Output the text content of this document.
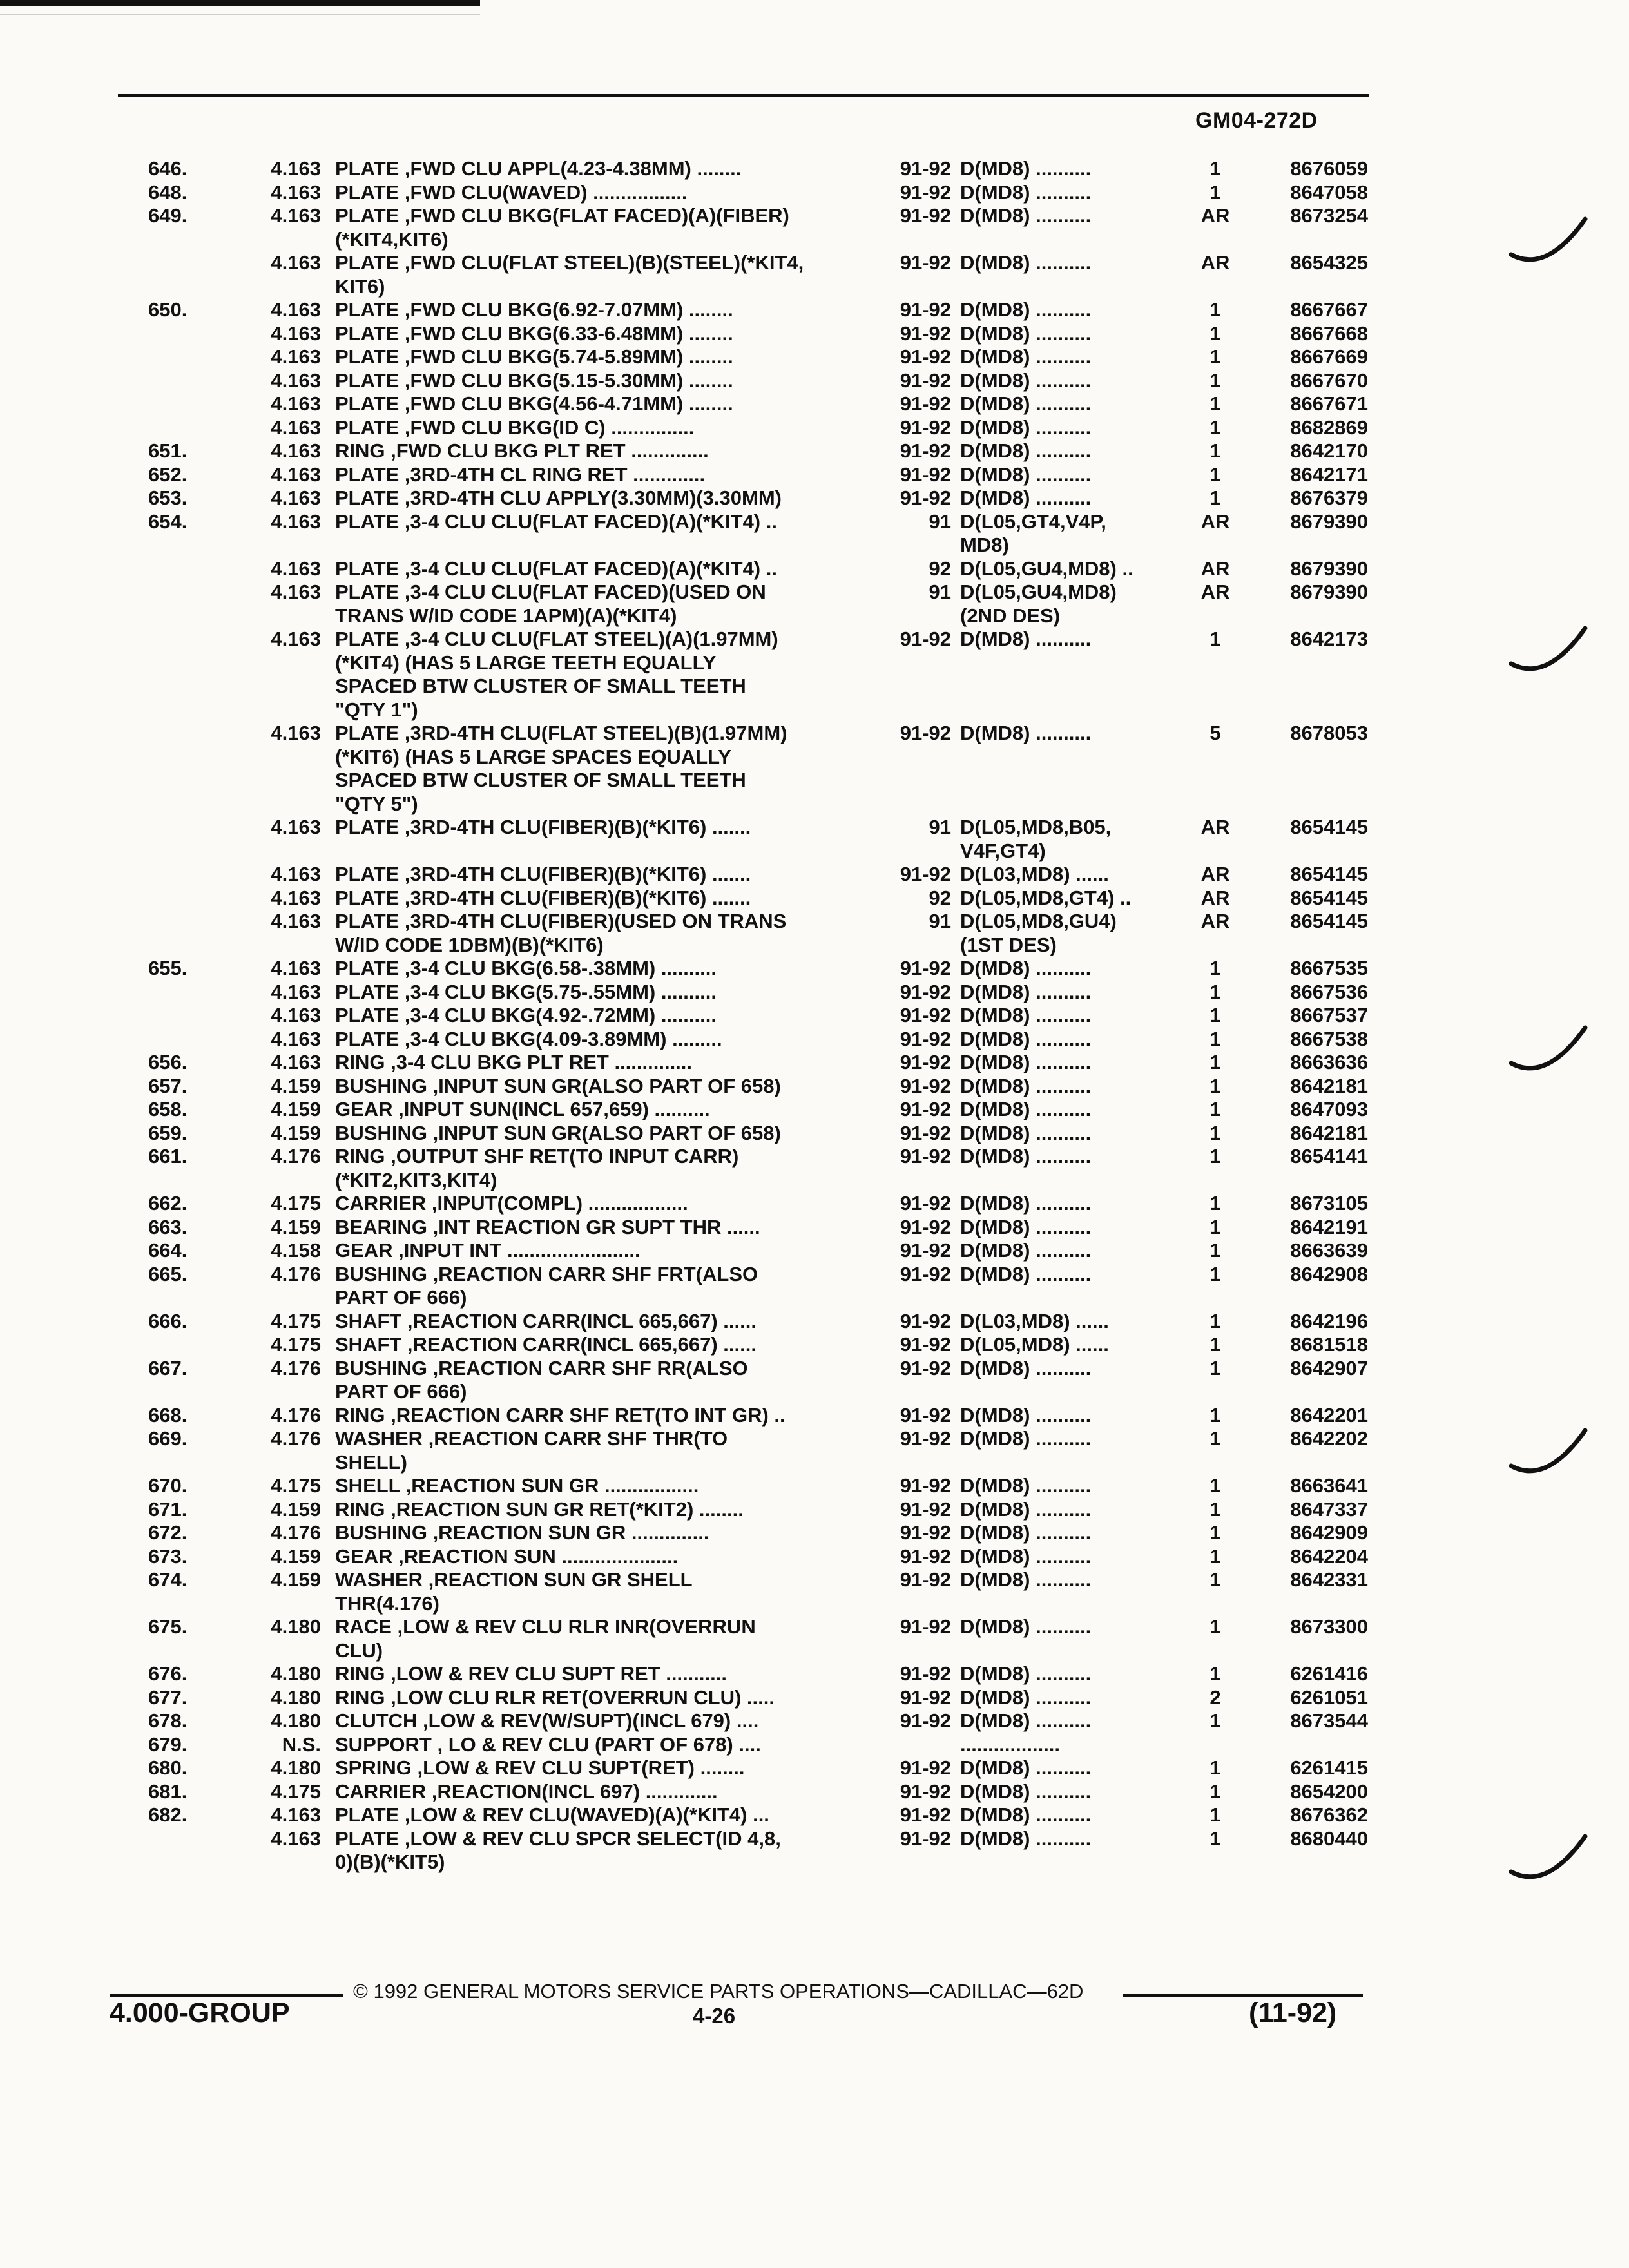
GM04-272D
646.	4.163 PLATE ,FWD CLU APPL(4.23-4.38MM) ........	91-92 D(MD8) ..........	1	8676059
648.	4.163 PLATE ,FWD CLU(WAVED) .................	91-92 D(MD8) ..........	1	8647058
649.	4.163 PLATE ,FWD CLU BKG(FLAT FACED)(A)(FIBER)	91-92 D(MD8) ..........	AR	8673254
(*KIT4,KIT6)
4.163 PLATE ,FWD CLU(FLAT STEEL)(B)(STEEL)(*KIT4,	91-92 D(MD8) ..........	AR	8654325
KIT6)
650.	4.163 PLATE ,FWD CLU BKG(6.92-7.07MM) ........	91-92 D(MD8) ..........	1	8667667
4.163 PLATE ,FWD CLU BKG(6.33-6.48MM) ........	91-92 D(MD8) ..........	1	8667668
4.163 PLATE ,FWD CLU BKG(5.74-5.89MM) ........	91-92 D(MD8) ..........	1	8667669
4.163 PLATE ,FWD CLU BKG(5.15-5.30MM) ........	91-92 D(MD8) ..........	1	8667670
4.163 PLATE ,FWD CLU BKG(4.56-4.71MM) ........	91-92 D(MD8) ..........	1	8667671
4.163 PLATE ,FWD CLU BKG(ID C) ...............	91-92 D(MD8) ..........	1	8682869
651.	4.163 RING ,FWD CLU BKG PLT RET ..............	91-92 D(MD8) ..........	1	8642170
652.	4.163 PLATE ,3RD-4TH CL RING RET .............	91-92 D(MD8) ..........	1	8642171
653.	4.163 PLATE ,3RD-4TH CLU APPLY(3.30MM)(3.30MM)	91-92 D(MD8) ..........	1	8676379
654.	4.163 PLATE ,3-4 CLU CLU(FLAT FACED)(A)(*KIT4) ..	91 D(L05,GT4,V4P,	AR	8679390
MD8)
4.163 PLATE ,3-4 CLU CLU(FLAT FACED)(A)(*KIT4) ..	92 D(L05,GU4,MD8) ..	AR	8679390
4.163 PLATE ,3-4 CLU CLU(FLAT FACED)(USED ON	91 D(L05,GU4,MD8)	AR	8679390
TRANS W/ID CODE 1APM)(A)(*KIT4)	(2ND DES)
4.163 PLATE ,3-4 CLU CLU(FLAT STEEL)(A)(1.97MM)	91-92 D(MD8) ..........	1	8642173
(*KIT4) (HAS 5 LARGE TEETH EQUALLY
SPACED BTW CLUSTER OF SMALL TEETH
"QTY 1")
4.163 PLATE ,3RD-4TH CLU(FLAT STEEL)(B)(1.97MM)	91-92 D(MD8) ..........	5	8678053
(*KIT6) (HAS 5 LARGE SPACES EQUALLY
SPACED BTW CLUSTER OF SMALL TEETH
"QTY 5")
4.163 PLATE ,3RD-4TH CLU(FIBER)(B)(*KIT6) .......	91 D(L05,MD8,B05,	AR	8654145
V4F,GT4)
4.163 PLATE ,3RD-4TH CLU(FIBER)(B)(*KIT6) .......	91-92 D(L03,MD8) ......	AR	8654145
4.163 PLATE ,3RD-4TH CLU(FIBER)(B)(*KIT6) .......	92 D(L05,MD8,GT4) ..	AR	8654145
4.163 PLATE ,3RD-4TH CLU(FIBER)(USED ON TRANS	91 D(L05,MD8,GU4)	AR	8654145
W/ID CODE 1DBM)(B)(*KIT6)	(1ST DES)
655.	4.163 PLATE ,3-4 CLU BKG(6.58-.38MM) ..........	91-92 D(MD8) ..........	1	8667535
4.163 PLATE ,3-4 CLU BKG(5.75-.55MM) ..........	91-92 D(MD8) ..........	1	8667536
4.163 PLATE ,3-4 CLU BKG(4.92-.72MM) ..........	91-92 D(MD8) ..........	1	8667537
4.163 PLATE ,3-4 CLU BKG(4.09-3.89MM) .........	91-92 D(MD8) ..........	1	8667538
656.	4.163 RING ,3-4 CLU BKG PLT RET ..............	91-92 D(MD8) ..........	1	8663636
657.	4.159 BUSHING ,INPUT SUN GR(ALSO PART OF 658)	91-92 D(MD8) ..........	1	8642181
658.	4.159 GEAR ,INPUT SUN(INCL 657,659) ..........	91-92 D(MD8) ..........	1	8647093
659.	4.159 BUSHING ,INPUT SUN GR(ALSO PART OF 658)	91-92 D(MD8) ..........	1	8642181
661.	4.176 RING ,OUTPUT SHF RET(TO INPUT CARR)	91-92 D(MD8) ..........	1	8654141
(*KIT2,KIT3,KIT4)
662.	4.175 CARRIER ,INPUT(COMPL) ..................	91-92 D(MD8) ..........	1	8673105
663.	4.159 BEARING ,INT REACTION GR SUPT THR ......	91-92 D(MD8) ..........	1	8642191
664.	4.158 GEAR ,INPUT INT ........................	91-92 D(MD8) ..........	1	8663639
665.	4.176 BUSHING ,REACTION CARR SHF FRT(ALSO	91-92 D(MD8) ..........	1	8642908
PART OF 666)
666.	4.175 SHAFT ,REACTION CARR(INCL 665,667) ......	91-92 D(L03,MD8) ......	1	8642196
4.175 SHAFT ,REACTION CARR(INCL 665,667) ......	91-92 D(L05,MD8) ......	1	8681518
667.	4.176 BUSHING ,REACTION CARR SHF RR(ALSO	91-92 D(MD8) ..........	1	8642907
PART OF 666)
668.	4.176 RING ,REACTION CARR SHF RET(TO INT GR) ..	91-92 D(MD8) ..........	1	8642201
669.	4.176 WASHER ,REACTION CARR SHF THR(TO	91-92 D(MD8) ..........	1	8642202
SHELL)
670.	4.175 SHELL ,REACTION SUN GR .................	91-92 D(MD8) ..........	1	8663641
671.	4.159 RING ,REACTION SUN GR RET(*KIT2) ........	91-92 D(MD8) ..........	1	8647337
672.	4.176 BUSHING ,REACTION SUN GR ..............	91-92 D(MD8) ..........	1	8642909
673.	4.159 GEAR ,REACTION SUN .....................	91-92 D(MD8) ..........	1	8642204
674.	4.159 WASHER ,REACTION SUN GR SHELL	91-92 D(MD8) ..........	1	8642331
THR(4.176)
675.	4.180 RACE ,LOW & REV CLU RLR INR(OVERRUN	91-92 D(MD8) ..........	1	8673300
CLU)
676.	4.180 RING ,LOW & REV CLU SUPT RET ...........	91-92 D(MD8) ..........	1	6261416
677.	4.180 RING ,LOW CLU RLR RET(OVERRUN CLU) .....	91-92 D(MD8) ..........	2	6261051
678.	4.180 CLUTCH ,LOW & REV(W/SUPT)(INCL 679) ....	91-92 D(MD8) ..........	1	8673544
679.	N.S. SUPPORT , LO & REV CLU (PART OF 678) ....	..................
680.	4.180 SPRING ,LOW & REV CLU SUPT(RET) ........	91-92 D(MD8) ..........	1	6261415
681.	4.175 CARRIER ,REACTION(INCL 697) .............	91-92 D(MD8) ..........	1	8654200
682.	4.163 PLATE ,LOW & REV CLU(WAVED)(A)(*KIT4) ...	91-92 D(MD8) ..........	1	8676362
4.163 PLATE ,LOW & REV CLU SPCR SELECT(ID 4,8,	91-92 D(MD8) ..........	1	8680440
0)(B)(*KIT5)
© 1992 GENERAL MOTORS SERVICE PARTS OPERATIONS—CADILLAC—62D
4.000-GROUP	4-26	(11-92)
